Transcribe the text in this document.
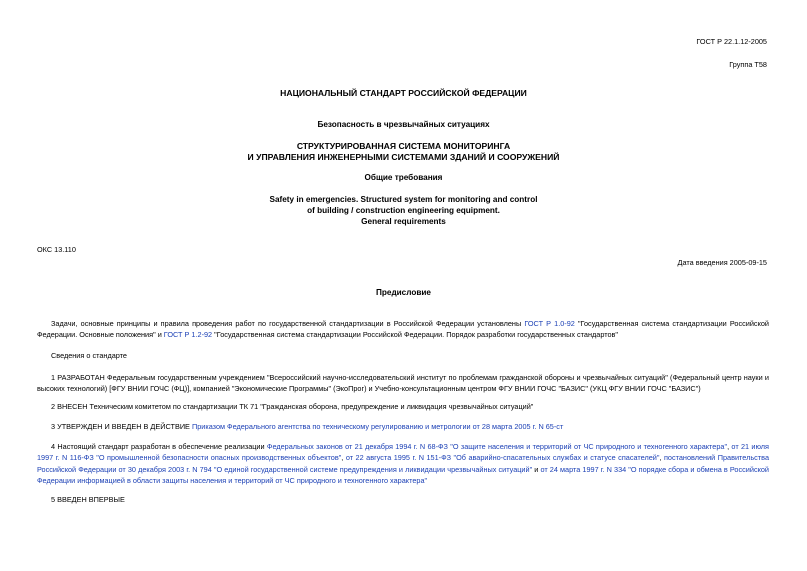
ГОСТ Р 22.1.12-2005
Группа Т58
НАЦИОНАЛЬНЫЙ СТАНДАРТ РОССИЙСКОЙ ФЕДЕРАЦИИ
Безопасность в чрезвычайных ситуациях
СТРУКТУРИРОВАННАЯ СИСТЕМА МОНИТОРИНГА
И УПРАВЛЕНИЯ ИНЖЕНЕРНЫМИ СИСТЕМАМИ ЗДАНИЙ И СООРУЖЕНИЙ
Общие требования
Safety in emergencies. Structured system for monitoring and control
of building / construction engineering equipment.
General requirements
ОКС 13.110
Дата введения 2005-09-15
Предисловие
Задачи, основные принципы и правила проведения работ по государственной стандартизации в Российской Федерации установлены ГОСТ Р 1.0-92 "Государственная система стандартизации Российской Федерации. Основные положения" и ГОСТ Р 1.2-92 "Государственная система стандартизации Российской Федерации. Порядок разработки государственных стандартов"
Сведения о стандарте
1 РАЗРАБОТАН Федеральным государственным учреждением "Всероссийский научно-исследовательский институт по проблемам гражданской обороны и чрезвычайных ситуаций" (Федеральный центр науки и высоких технологий) [ФГУ ВНИИ ГОЧС (ФЦ)], компанией "Экономические Программы" (ЭкоПрог) и Учебно-консультационным центром ФГУ ВНИИ ГОЧС "БАЗИС" (УКЦ ФГУ ВНИИ ГОЧС "БАЗИС")
2 ВНЕСЕН Техническим комитетом по стандартизации ТК 71 "Гражданская оборона, предупреждение и ликвидация чрезвычайных ситуаций"
3 УТВЕРЖДЕН И ВВЕДЕН В ДЕЙСТВИЕ Приказом Федерального агентства по техническому регулированию и метрологии от 28 марта 2005 г. N 65-ст
4 Настоящий стандарт разработан в обеспечение реализации Федеральных законов от 21 декабря 1994 г. N 68-ФЗ "О защите населения и территорий от ЧС природного и техногенного характера", от 21 июля 1997 г. N 116-ФЗ "О промышленной безопасности опасных производственных объектов", от 22 августа 1995 г. N 151-ФЗ "Об аварийно-спасательных службах и статусе спасателей", постановлений Правительства Российской Федерации от 30 декабря 2003 г. N 794 "О единой государственной системе предупреждения и ликвидации чрезвычайных ситуаций" и от 24 марта 1997 г. N 334 "О порядке сбора и обмена в Российской Федерации информацией в области защиты населения и территорий от ЧС природного и техногенного характера"
5 ВВЕДЕН ВПЕРВЫЕ
